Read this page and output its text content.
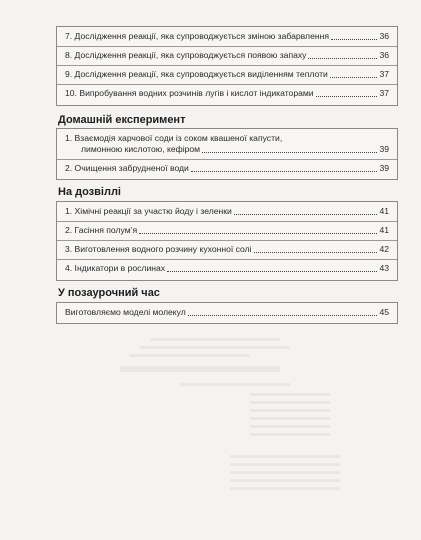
7. Дослідження реакції, яка супроводжується зміною забарвлення	36
8. Дослідження реакції, яка супроводжується появою запаху	36
9. Дослідження реакції, яка супроводжується виділенням теплоти	37
10. Випробування водних розчинів лугів і кислот індикаторами	37
Домашній експеримент
1. Взаємодія харчової соди із соком квашеної капусти,
лимонною кислотою, кефіром	39
2. Очищення забрудненої води	39
На дозвіллі
1. Хімічні реакції за участю йоду і зеленки	41
2. Гасіння полум’я	41
3. Виготовлення водного розчину кухонної солі	42
4. Індикатори в рослинах	43
У позаурочний час
Виготовляємо моделі молекул	45
